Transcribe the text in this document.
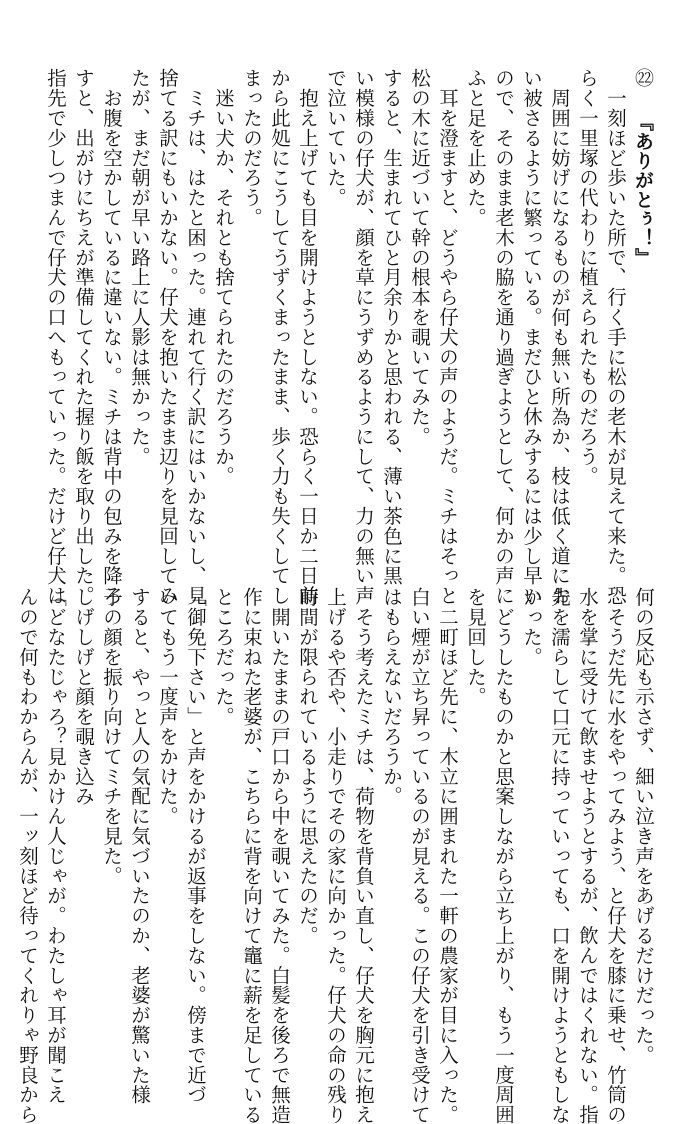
㉒ 『ありがとぅ！』
　一刻ほど歩いた所で、行く手に松の老木が見えて来た。恐
らく一里塚の代わりに植えられたものだろう。
　周囲に妨げになるものが何も無い所為か、枝は低く道にお
い被さるように繁っている。まだひと休みするには少し早い
ので、そのまま老木の脇を通り過ぎようとして、何かの声に
ふと足を止めた。
　耳を澄ますと、どうやら仔犬の声のようだ。ミチはそっと
松の木に近づいて幹の根本を覗いてみた。
すると、生まれてひと月余りかと思われる、薄い茶色に黒
い模様の仔犬が、顔を草にうずめるようにして、力の無い声
で泣いていた。
　抱え上げても目を開けようとしない。恐らく一日か二日前
から此処にこうしてうずくまったまま、歩く力も失くしてし
まったのだろう。
　迷い犬か、それとも捨てられたのだろうか。
　ミチは、はたと困った。連れて行く訳にはいかないし、見
捨てる訳にもいかない。仔犬を抱いたまま辺りを見回してみ
たが、まだ朝が早い路上に人影は無かった。
　お腹を空かしているに違いない。ミチは背中の包みを降ろ
すと、出がけにちえが準備してくれた握り飯を取り出した。
指先で少しつまんで仔犬の口へもっていった。だけど仔犬は
何の反応も示さず、細い泣き声をあげるだけだった。
　そうだ先に水をやってみよう、と仔犬を膝に乗せ、竹筒の
水を掌に受けて飲ませようとするが、飲んではくれない。指
先を濡らして口元に持っていっても、口を開けようともしな
かった。
　どうしたものかと思案しながら立ち上がり、もう一度周囲
を見回した。
　二町ほど先に、木立に囲まれた一軒の農家が目に入った。
白い煙が立ち昇っているのが見える。この仔犬を引き受けて
はもらえないだろうか。
　そう考えたミチは、荷物を背負い直し、仔犬を胸元に抱え
上げるや否や、小走りでその家に向かった。仔犬の命の残り
時間が限られているように思えたのだ。
　開いたままの戸口から中を覗いてみた。白髪を後ろで無造
作に束ねた老婆が、こちらに背を向けて竈に薪を足している
ところだった。
「御免下さい」と声をかけるが返事をしない。傍まで近づ
いてもう一度声をかけた。
すると、やっと人の気配に気づいたのか、老婆が驚いた様
子の顔を振り向けてミチを見た。
しげしげと顔を覗き込み
「どなたじゃろ？見かけん人じゃが。わたしゃ耳が聞こえ
んので何もわからんが、一ッ刻ほど待ってくれりゃ野良から
